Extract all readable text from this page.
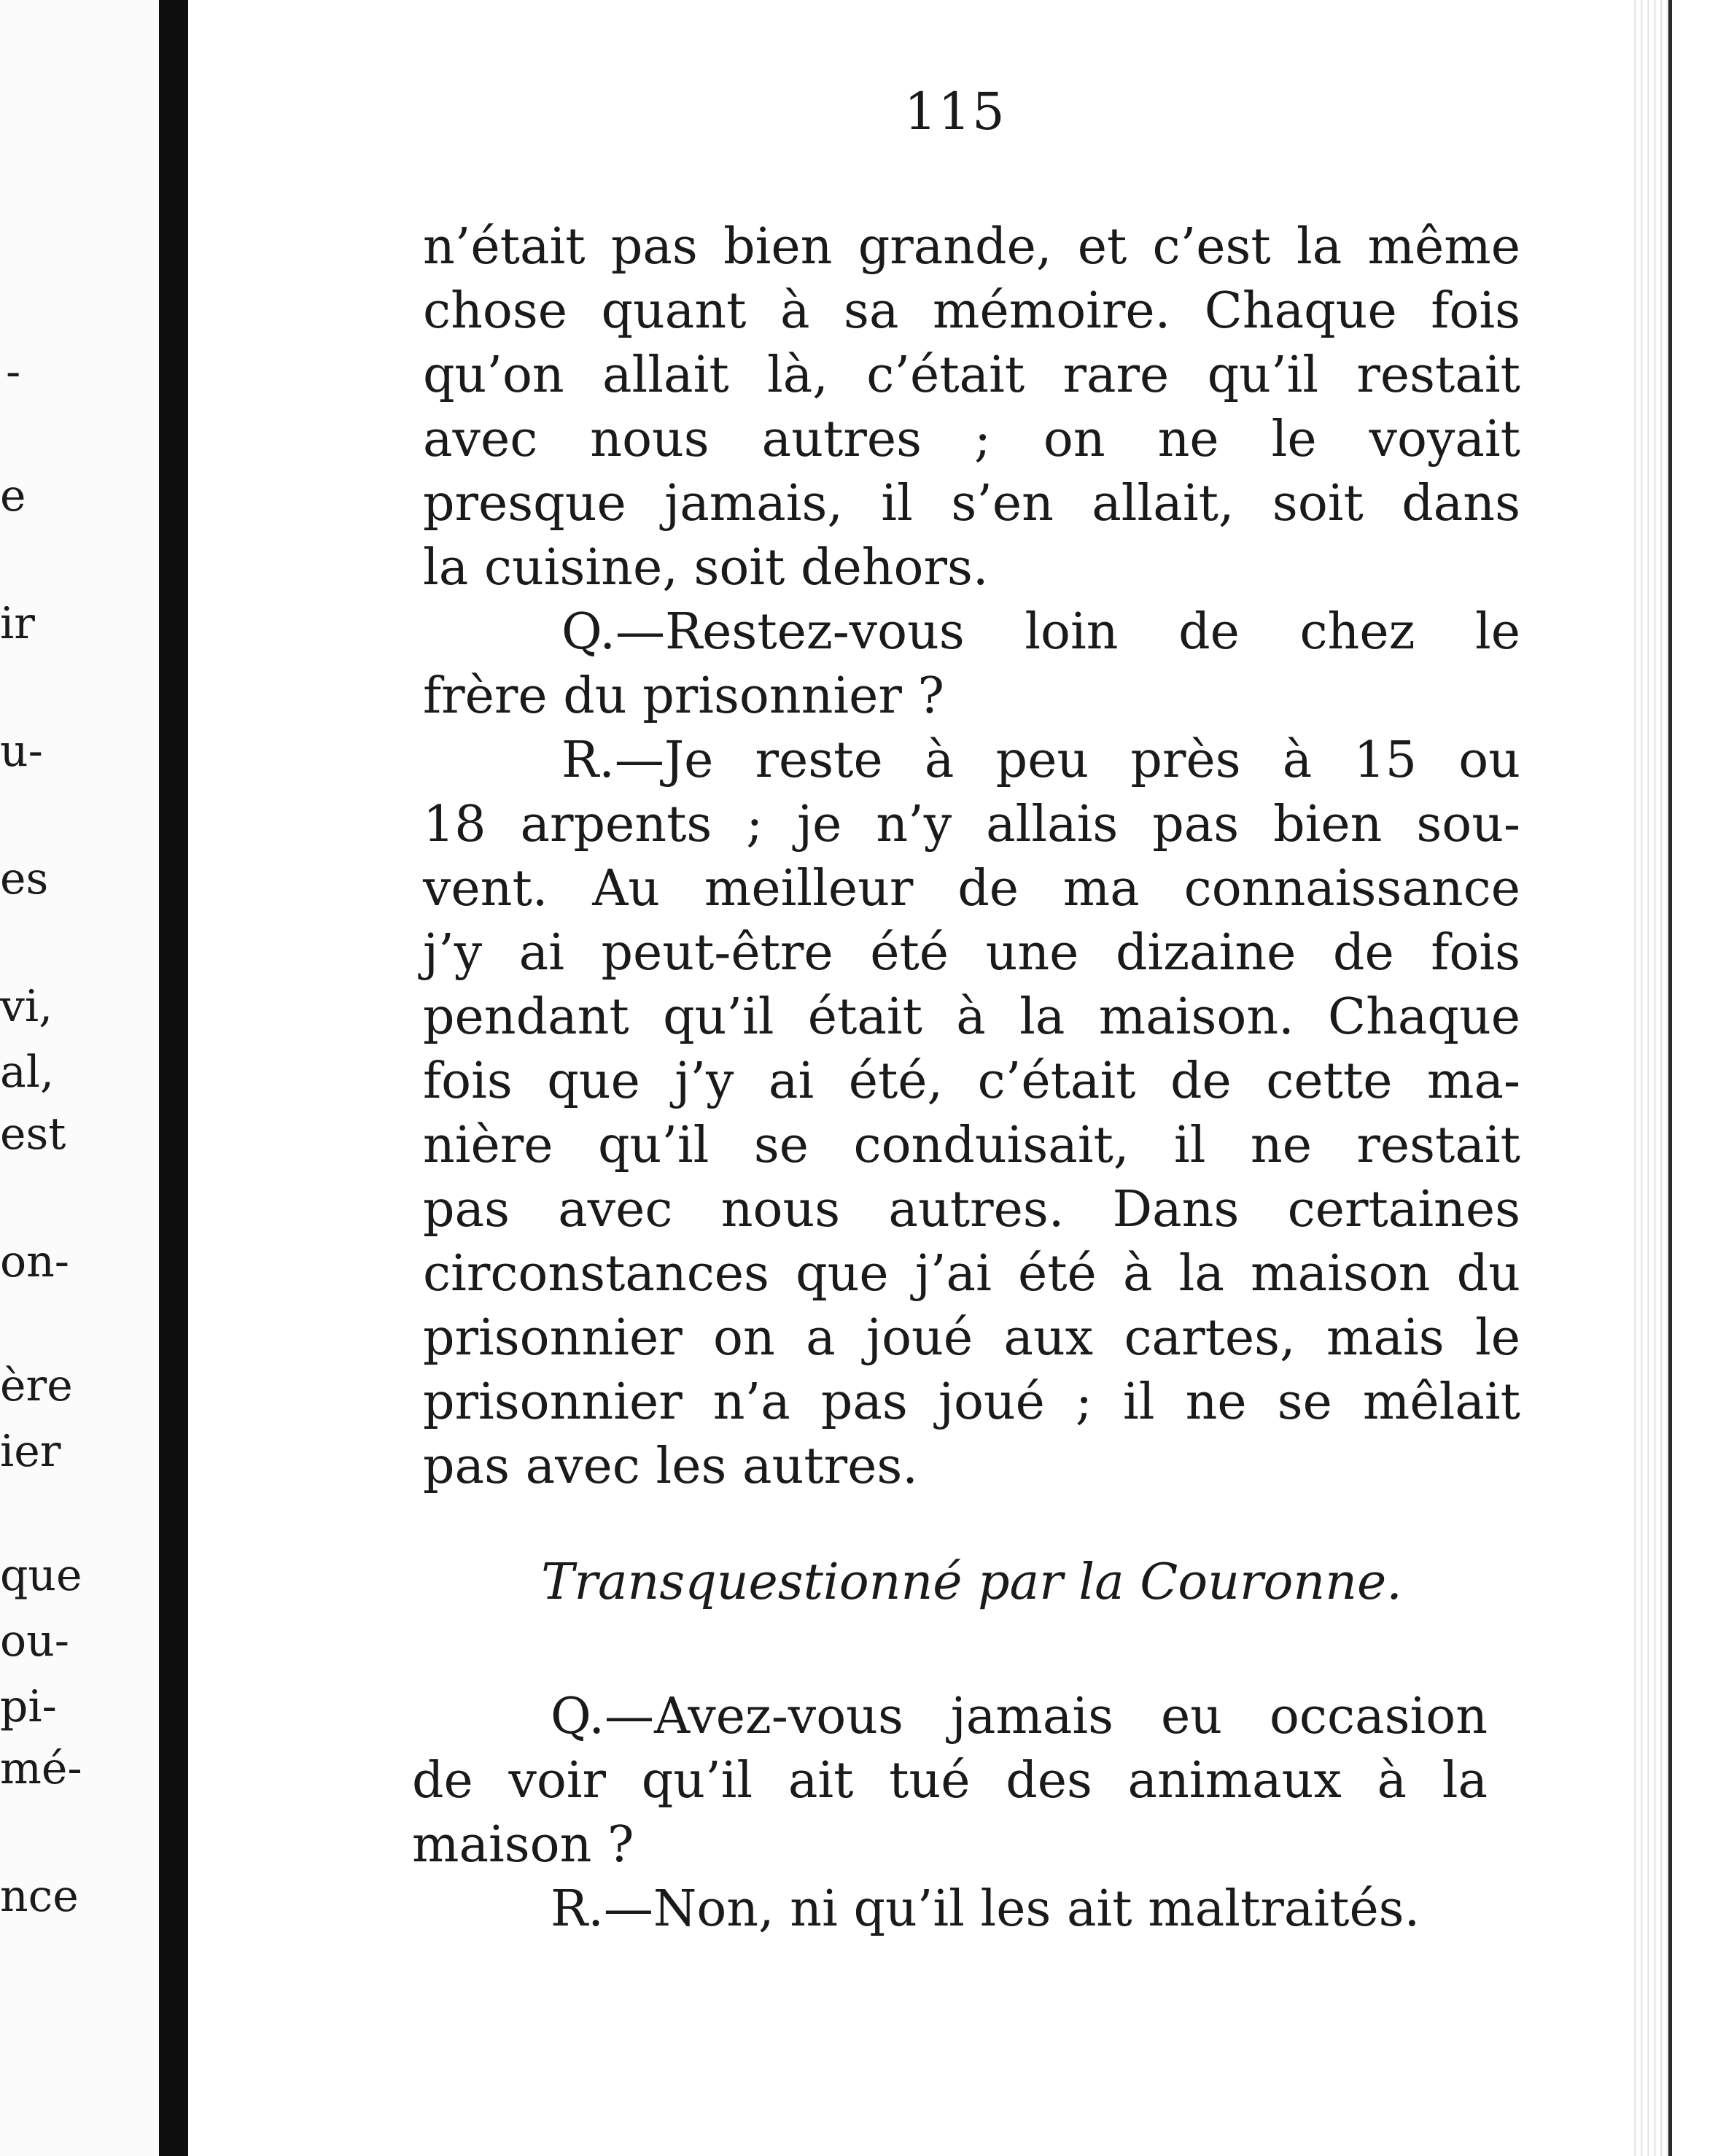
-
e
ir
u-
es
vi,
al,
est
on-
ère
ier
que
ou-
pi-
mé-
nce
115
n’était pas bien grande, et c’est la même
chose quant à sa mémoire. Chaque fois
qu’on allait là, c’était rare qu’il restait
avec nous autres ; on ne le voyait
presque jamais, il s’en allait, soit dans
la cuisine, soit dehors.
Q.—Restez-vous loin de chez le
frère du prisonnier ?
R.—Je reste à peu près à 15 ou
18 arpents ; je n’y allais pas bien sou-
vent. Au meilleur de ma connaissance
j’y ai peut-être été une dizaine de fois
pendant qu’il était à la maison. Chaque
fois que j’y ai été, c’était de cette ma-
nière qu’il se conduisait, il ne restait
pas avec nous autres. Dans certaines
circonstances que j’ai été à la maison du
prisonnier on a joué aux cartes, mais le
prisonnier n’a pas joué ; il ne se mêlait
pas avec les autres.
Transquestionné par la Couronne.
Q.—Avez-vous jamais eu occasion
de voir qu’il ait tué des animaux à la
maison ?
R.—Non, ni qu’il les ait maltraités.
